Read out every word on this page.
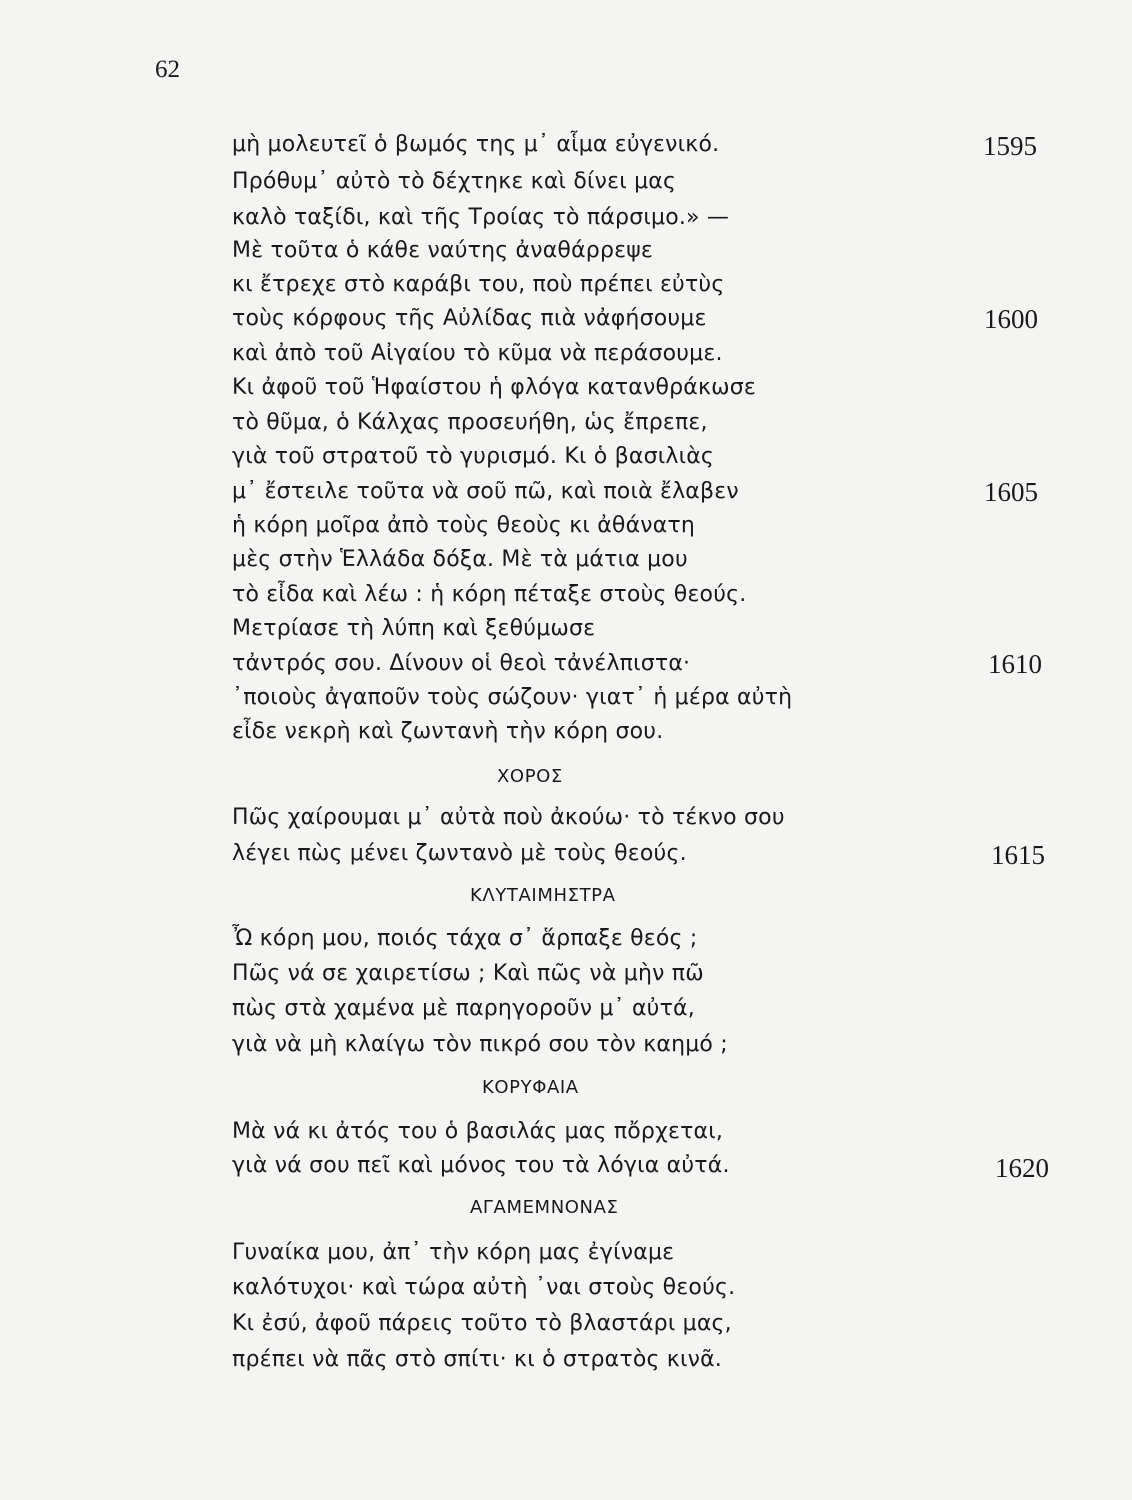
62
μὴ μολευτεῖ ὁ βωμός της μ᾽ αἷμα εὐγενικό.
Πρόθυμ᾽ αὐτὸ τὸ δέχτηκε καὶ δίνει μας
καλὸ ταξίδι, καὶ τῆς Τροίας τὸ πάρσιμο.» —
Μὲ τοῦτα ὁ κάθε ναύτης ἀναθάρρεψε
κι ἔτρεχε στὸ καράβι του, ποὺ πρέπει εὐτὺς
τοὺς κόρφους τῆς Αὐλίδας πιὰ νἀφήσουμε
καὶ ἀπὸ τοῦ Αἰγαίου τὸ κῦμα νὰ περάσουμε.
Κι ἀφοῦ τοῦ Ἡφαίστου ἡ φλόγα κατανθράκωσε
τὸ θῦμα, ὁ Κάλχας προσευήθη, ὡς ἔπρεπε,
γιὰ τοῦ στρατοῦ τὸ γυρισμό. Κι ὁ βασιλιὰς
μ᾽ ἔστειλε τοῦτα νὰ σοῦ πῶ, καὶ ποιὰ ἔλαβεν
ἡ κόρη μοῖρα ἀπὸ τοὺς θεοὺς κι ἀθάνατη
μὲς στὴν Ἑλλάδα δόξα. Μὲ τὰ μάτια μου
τὸ εἶδα καὶ λέω : ἡ κόρη πέταξε στοὺς θεούς.
Μετρίασε τὴ λύπη καὶ ξεθύμωσε
τἀντρός σου. Δίνουν οἱ θεοὶ τἀνέλπιστα·
᾽ποιοὺς ἀγαποῦν τοὺς σώζουν· γιατ᾽ ἡ μέρα αὐτὴ
εἶδε νεκρὴ καὶ ζωντανὴ τὴν κόρη σου.
ΧΟΡΟΣ
Πῶς χαίρουμαι μ᾽ αὐτὰ ποὺ ἀκούω· τὸ τέκνο σου
λέγει πὼς μένει ζωντανὸ μὲ τοὺς θεούς.
ΚΛΥΤΑΙΜΗΣΤΡΑ
Ὦ κόρη μου, ποιός τάχα σ᾽ ἅρπαξε θεός ;
Πῶς νά σε χαιρετίσω ; Καὶ πῶς νὰ μὴν πῶ
πὼς στὰ χαμένα μὲ παρηγοροῦν μ᾽ αὐτά,
γιὰ νὰ μὴ κλαίγω τὸν πικρό σου τὸν καημό ;
ΚΟΡΥΦΑΙΑ
Μὰ νά κι ἀτός του ὁ βασιλάς μας πὄρχεται,
γιὰ νά σου πεῖ καὶ μόνος του τὰ λόγια αὐτά.
ΑΓΑΜΕΜΝΟΝΑΣ
Γυναίκα μου, ἀπ᾽ τὴν κόρη μας ἐγίναμε
καλότυχοι· καὶ τώρα αὐτὴ ᾽ναι στοὺς θεούς.
Κι ἐσύ, ἀφοῦ πάρεις τοῦτο τὸ βλαστάρι μας,
πρέπει νὰ πᾶς στὸ σπίτι· κι ὁ στρατὸς κινᾶ.
1595
1600
1605
1610
1615
1620
